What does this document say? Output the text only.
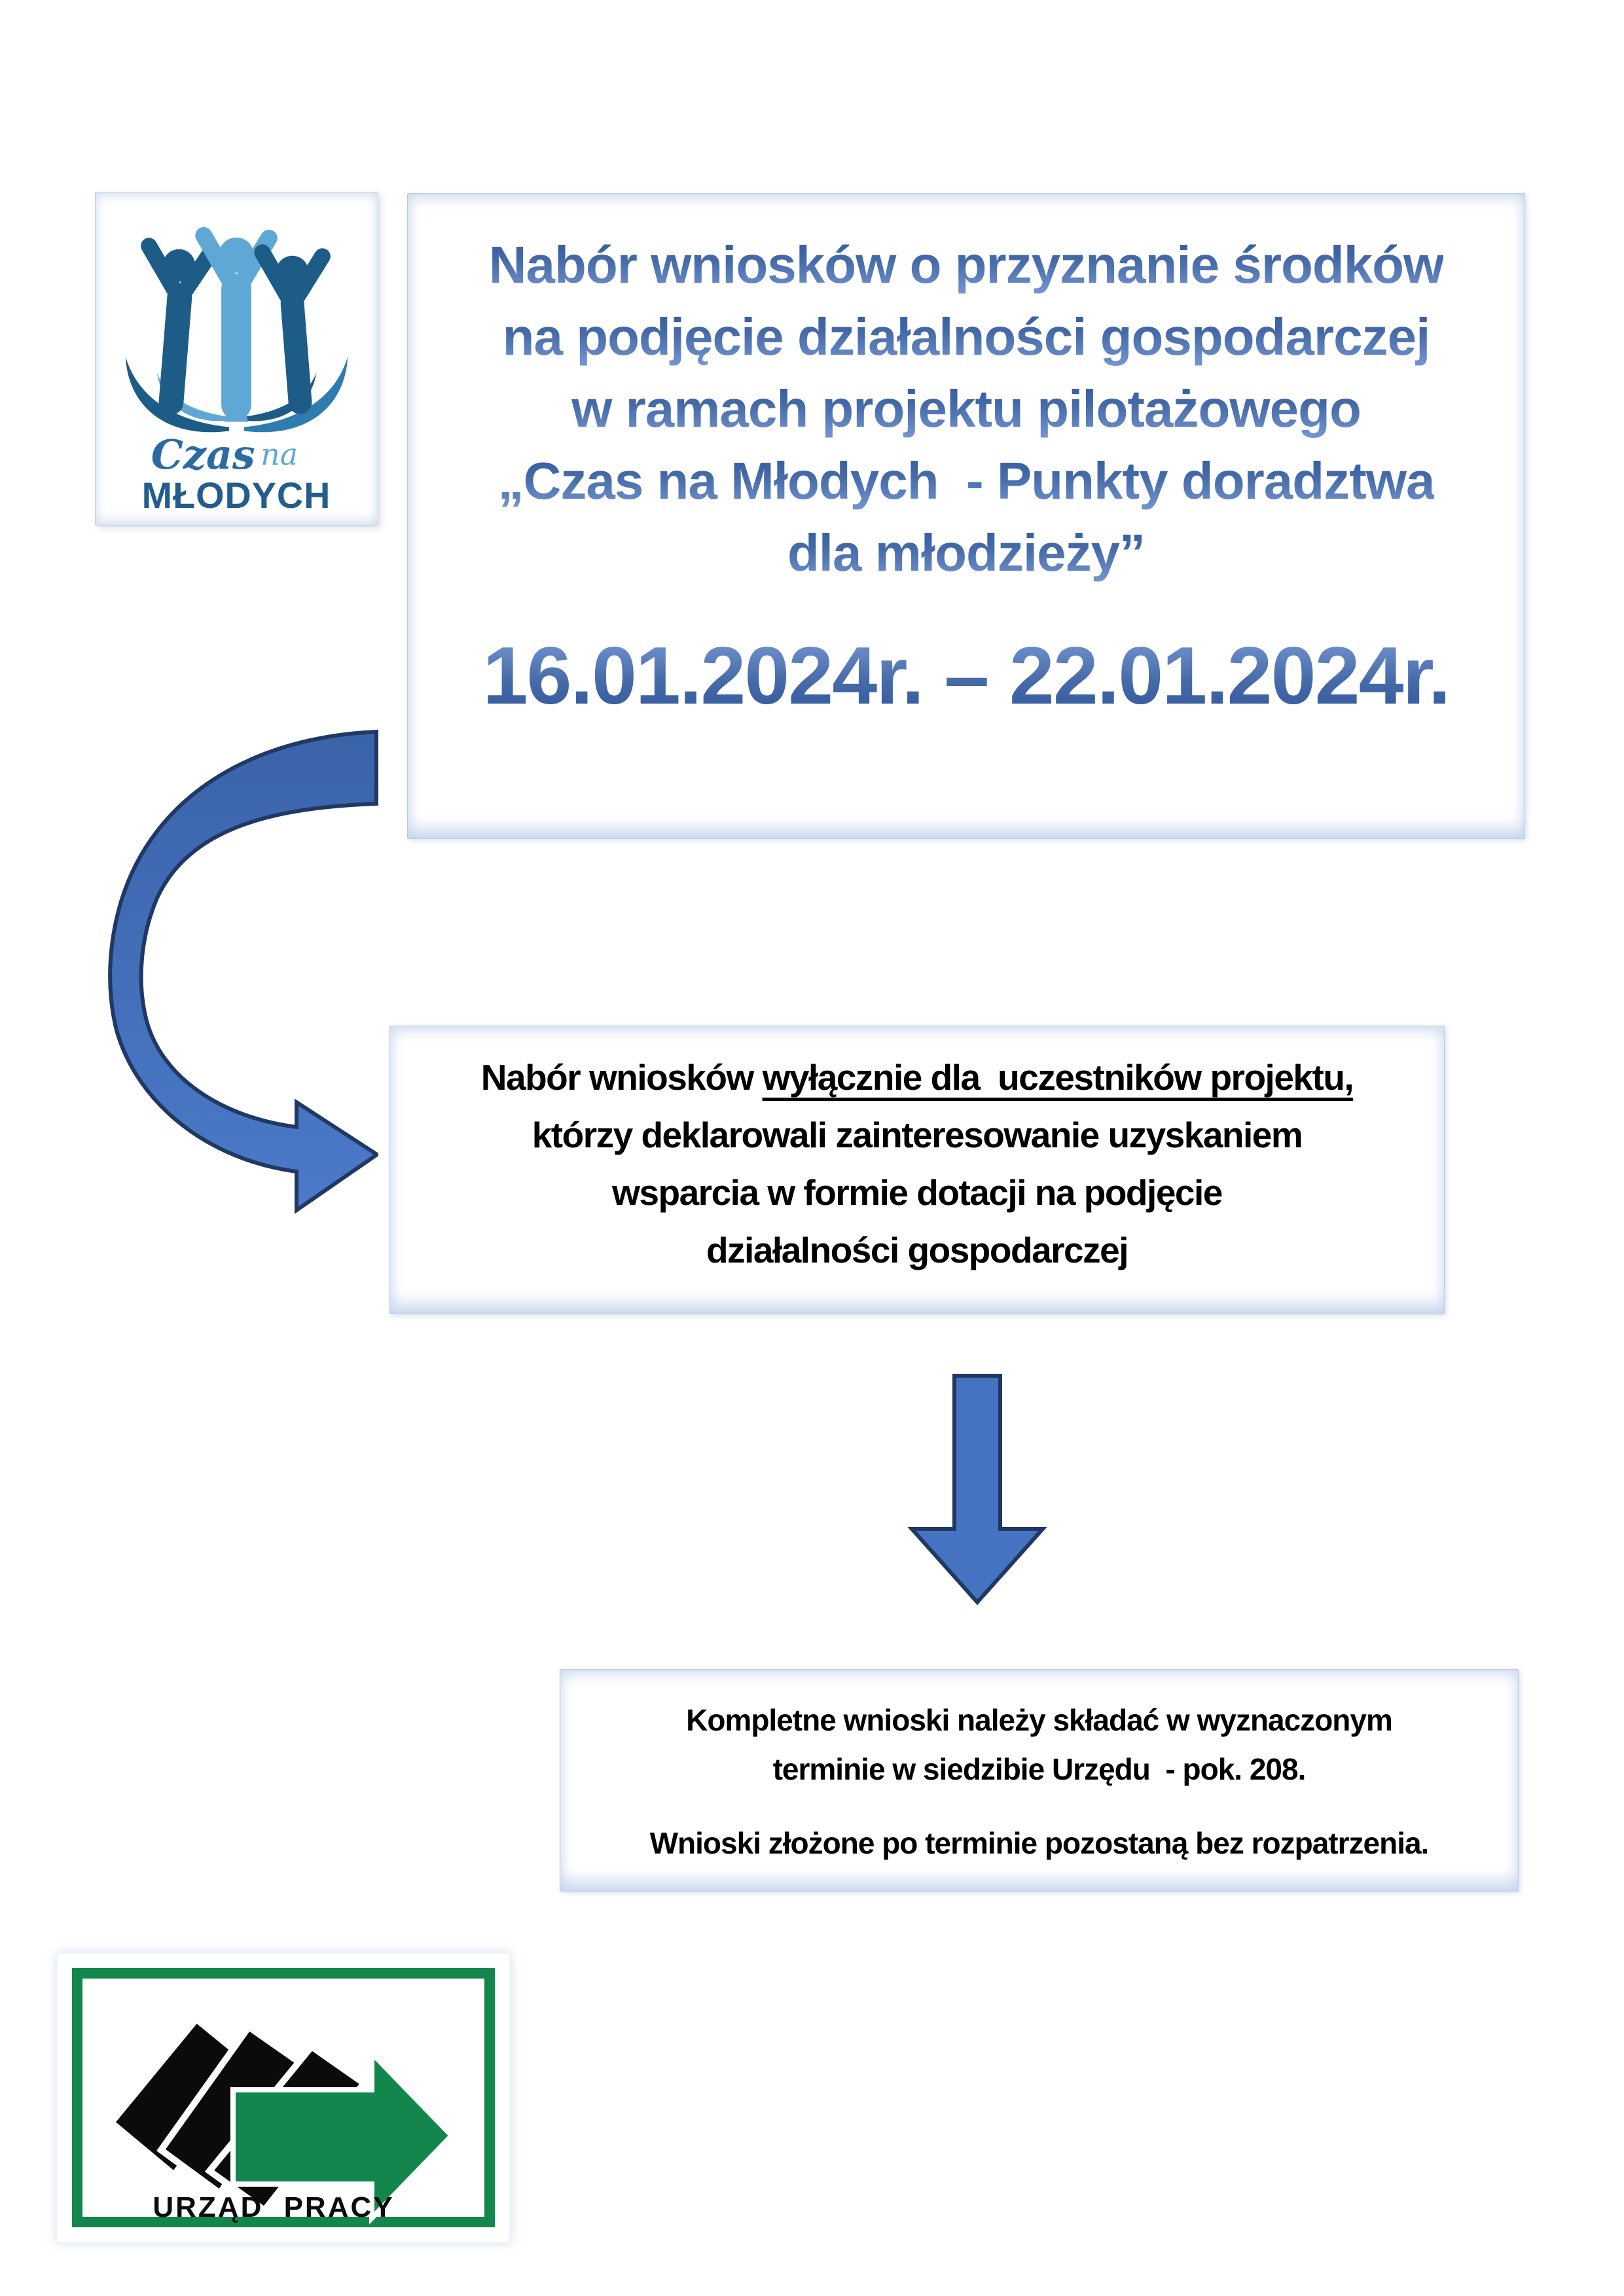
Czas na
MŁODYCH
Nabór wniosków o przyznanie środków
na podjęcie działalności gospodarczej
w ramach projektu pilotażowego
„Czas na Młodych  - Punkty doradztwa
dla młodzieży”
16.01.2024r. – 22.01.2024r.
Nabór wniosków wyłącznie dla  uczestników projektu,
którzy deklarowali zainteresowanie uzyskaniem
wsparcia w formie dotacji na podjęcie
działalności gospodarczej
Kompletne wnioski należy składać w wyznaczonym
terminie w siedzibie Urzędu  - pok. 208.
Wnioski złożone po terminie pozostaną bez rozpatrzenia.
URZĄD PRACY
